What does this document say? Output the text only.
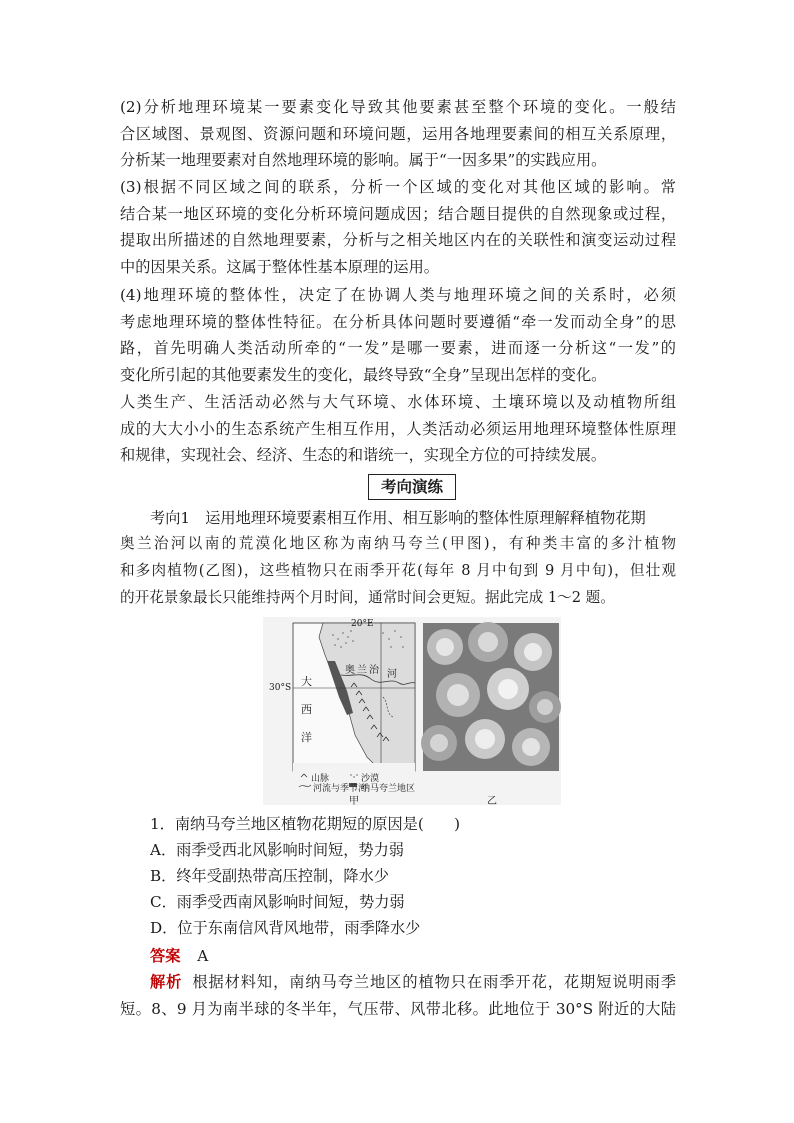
(2)分析地理环境某一要素变化导致其他要素甚至整个环境的变化。一般结
合区域图、景观图、资源问题和环境问题，运用各地理要素间的相互关系原理，
分析某一地理要素对自然地理环境的影响。属于“一因多果”的实践应用。

(3)根据不同区域之间的联系，分析一个区域的变化对其他区域的影响。常
结合某一地区环境的变化分析环境问题成因；结合题目提供的自然现象或过程，
提取出所描述的自然地理要素，分析与之相关地区内在的关联性和演变运动过程
中的因果关系。这属于整体性基本原理的运用。

(4)地理环境的整体性，决定了在协调人类与地理环境之间的关系时，必须
考虑地理环境的整体性特征。在分析具体问题时要遵循“牵一发而动全身”的思
路，首先明确人类活动所牵的“一发”是哪一要素，进而逐一分析这“一发”的
变化所引起的其他要素发生的变化，最终导致“全身”呈现出怎样的变化。

人类生产、生活活动必然与大气环境、水体环境、土壤环境以及动植物所组
成的大大小小的生态系统产生相互作用，人类活动必须运用地理环境整体性原理
和规律，实现社会、经济、生态的和谐统一，实现全方位的可持续发展。

考向演练
考向1　运用地理环境要素相互作用、相互影响的整体性原理解释植物花期

奥兰治河以南的荒漠化地区称为南纳马夸兰(甲图)，有种类丰富的多汁植物
和多肉植物(乙图)，这些植物只在雨季开花(每年 8 月中旬到 9 月中旬)，但壮观
的开花景象最长只能维持两个月时间，通常时间会更短。据此完成 1～2 题。

20°E
30°S 大
西
洋
奥 兰 治 河
山脉	沙漠
河流与季节河
纳马夸兰地区
甲	乙
1．南纳马夸兰地区植物花期短的原因是(　　)
A．雨季受西北风影响时间短，势力弱
B．终年受副热带高压控制，降水少
C．雨季受西南风影响时间短，势力弱
D．位于东南信风背风地带，雨季降水少
答案 A

解析 根据材料知，南纳马夸兰地区的植物只在雨季开花，花期短说明雨季
短。8、9 月为南半球的冬半年，气压带、风带北移。此地位于 30°S 附近的大陆
